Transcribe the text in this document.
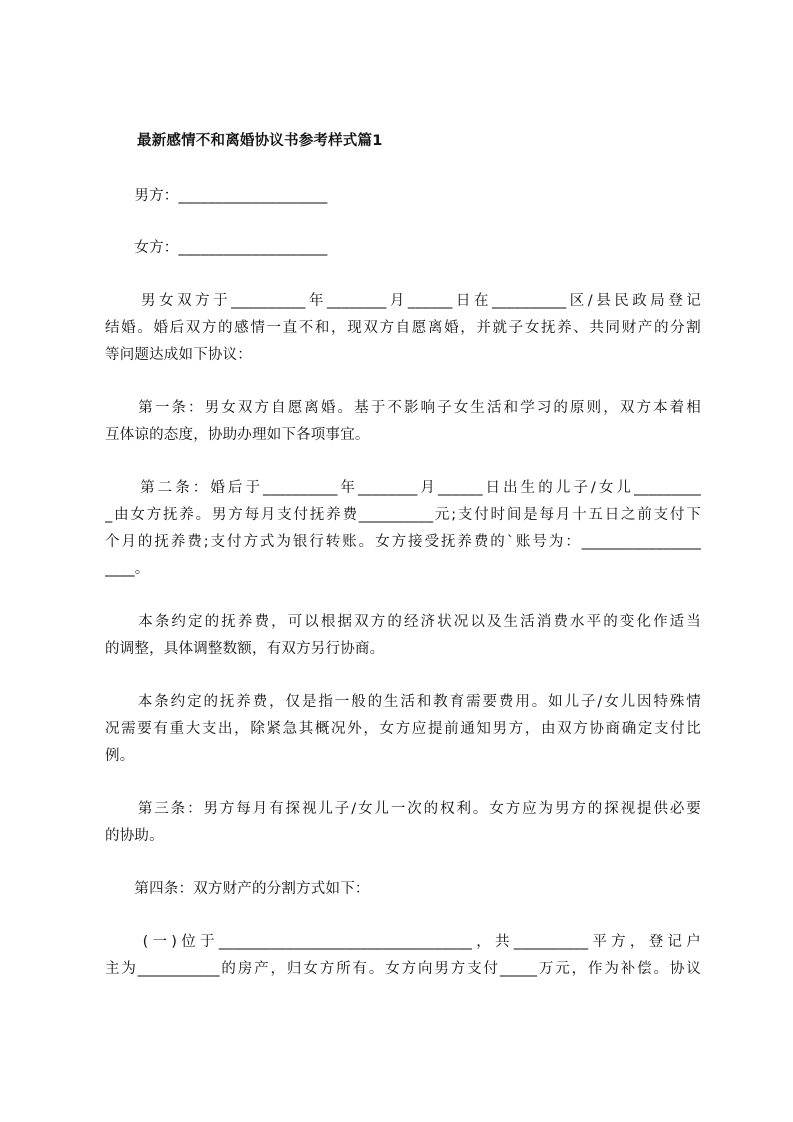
最新感情不和离婚协议书参考样式篇1
　　男方：____________________
　　女方：____________________
　　男女双方于__________年________月______日在__________区/县民政局登记
结婚。婚后双方的感情一直不和，现双方自愿离婚，并就子女抚养、共同财产的分割
等问题达成如下协议：
　　第一条：男女双方自愿离婚。基于不影响子女生活和学习的原则，双方本着相
互体谅的态度，协助办理如下各项事宜。
　　第二条：婚后于__________年________月______日出生的儿子/女儿_________
_由女方抚养。男方每月支付抚养费__________元;支付时间是每月十五日之前支付下
个月的抚养费;支付方式为银行转账。女方接受抚养费的`账号为：________________
____。
　　本条约定的抚养费，可以根据双方的经济状况以及生活消费水平的变化作适当
的调整，具体调整数额，有双方另行协商。
　　本条约定的抚养费，仅是指一般的生活和教育需要费用。如儿子/女儿因特殊情
况需要有重大支出，除紧急其概况外，女方应提前通知男方，由双方协商确定支付比
例。
　　第三条：男方每月有探视儿子/女儿一次的权利。女方应为男方的探视提供必要
的协助。
　　第四条：双方财产的分割方式如下：
　　(一)位于__________________________________，共__________平方，登记户
主为___________的房产，归女方所有。女方向男方支付_____万元，作为补偿。协议
